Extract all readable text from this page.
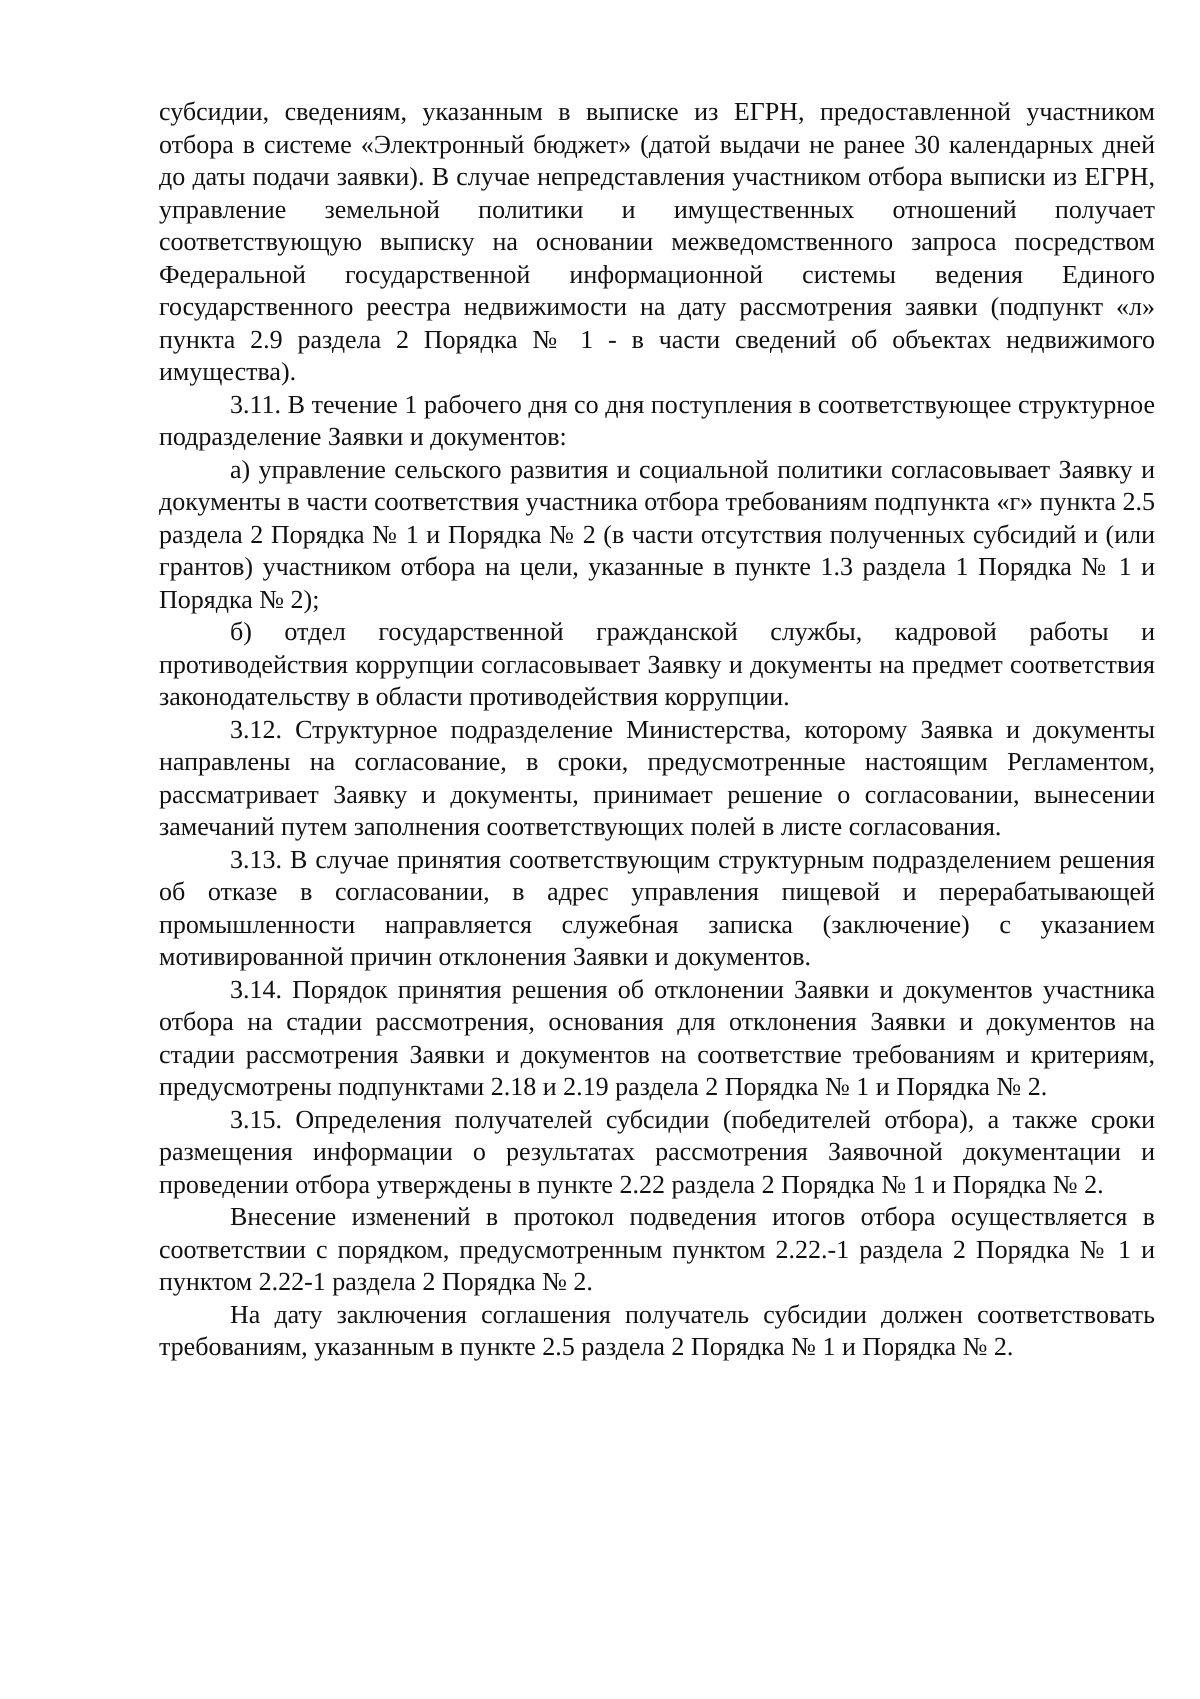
субсидии, сведениям, указанным в выписке из ЕГРН, предоставленной участником отбора в системе «Электронный бюджет» (датой выдачи не ранее 30 календарных дней до даты подачи заявки). В случае непредставления участником отбора выписки из ЕГРН, управление земельной политики и имущественных отношений получает соответствующую выписку на основании межведомственного запроса посредством Федеральной государственной информационной системы ведения Единого государственного реестра недвижимости на дату рассмотрения заявки (подпункт «л» пункта 2.9 раздела 2 Порядка № 1 - в части сведений об объектах недвижимого имущества).

3.11. В течение 1 рабочего дня со дня поступления в соответствующее структурное подразделение Заявки и документов:

а) управление сельского развития и социальной политики согласовывает Заявку и документы в части соответствия участника отбора требованиям подпункта «г» пункта 2.5 раздела 2 Порядка № 1 и Порядка № 2 (в части отсутствия полученных субсидий и (или грантов) участником отбора на цели, указанные в пункте 1.3 раздела 1 Порядка № 1 и Порядка № 2);

б) отдел государственной гражданской службы, кадровой работы и противодействия коррупции согласовывает Заявку и документы на предмет соответствия законодательству в области противодействия коррупции.

3.12. Структурное подразделение Министерства, которому Заявка и документы направлены на согласование, в сроки, предусмотренные настоящим Регламентом, рассматривает Заявку и документы, принимает решение о согласовании, вынесении замечаний путем заполнения соответствующих полей в листе согласования.

3.13. В случае принятия соответствующим структурным подразделением решения об отказе в согласовании, в адрес управления пищевой и перерабатывающей промышленности направляется служебная записка (заключение) с указанием мотивированной причин отклонения Заявки и документов.

3.14. Порядок принятия решения об отклонении Заявки и документов участника отбора на стадии рассмотрения, основания для отклонения Заявки и документов на стадии рассмотрения Заявки и документов на соответствие требованиям и критериям, предусмотрены подпунктами 2.18 и 2.19 раздела 2 Порядка № 1 и Порядка № 2.

3.15. Определения получателей субсидии (победителей отбора), а также сроки размещения информации о результатах рассмотрения Заявочной документации и проведении отбора утверждены в пункте 2.22 раздела 2 Порядка № 1 и Порядка № 2.

Внесение изменений в протокол подведения итогов отбора осуществляется в соответствии с порядком, предусмотренным пунктом 2.22.-1 раздела 2 Порядка № 1 и пунктом 2.22-1 раздела 2 Порядка № 2.

На дату заключения соглашения получатель субсидии должен соответствовать требованиям, указанным в пункте 2.5 раздела 2 Порядка № 1 и Порядка № 2.
